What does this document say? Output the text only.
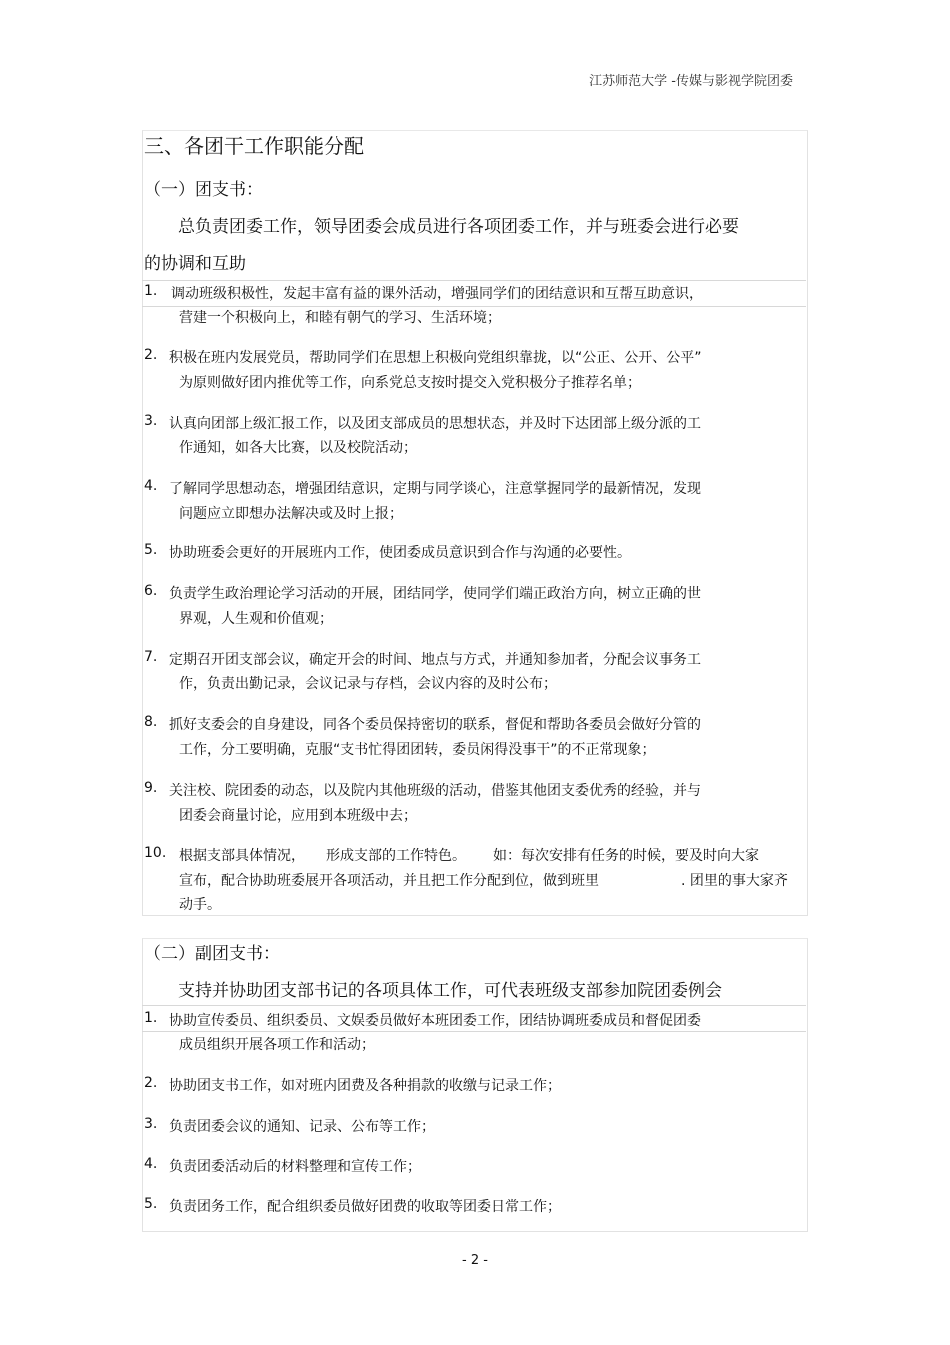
江苏师范大学 -传媒与影视学院团委
三、各团干工作职能分配
（一）团支书：
总负责团委工作，领导团委会成员进行各项团委工作，并与班委会进行必要
的协调和互助
1. 调动班级积极性，发起丰富有益的课外活动，增强同学们的团结意识和互帮互助意识，
营建一个积极向上，和睦有朝气的学习、生活环境；
2. 积极在班内发展党员，帮助同学们在思想上积极向党组织靠拢，以“公正、公开、公平”
为原则做好团内推优等工作，向系党总支按时提交入党积极分子推荐名单；
3. 认真向团部上级汇报工作，以及团支部成员的思想状态，并及时下达团部上级分派的工
作通知，如各大比赛，以及校院活动；
4. 了解同学思想动态，增强团结意识，定期与同学谈心，注意掌握同学的最新情况，发现
问题应立即想办法解决或及时上报；
5. 协助班委会更好的开展班内工作，使团委成员意识到合作与沟通的必要性。
6. 负责学生政治理论学习活动的开展，团结同学，使同学们端正政治方向，树立正确的世
界观，人生观和价值观；
7. 定期召开团支部会议，确定开会的时间、地点与方式，并通知参加者，分配会议事务工
作，负责出勤记录，会议记录与存档，会议内容的及时公布；
8. 抓好支委会的自身建设，同各个委员保持密切的联系，督促和帮助各委员会做好分管的
工作，分工要明确，克服“支书忙得团团转，委员闲得没事干”的不正常现象；
9. 关注校、院团委的动态，以及院内其他班级的活动，借鉴其他团支委优秀的经验，并与
团委会商量讨论，应用到本班级中去；
10. 根据支部具体情况， 形成支部的工作特色。 如：每次安排有任务的时候，要及时向大家
宣布，配合协助班委展开各项活动，并且把工作分配到位，做到班里	. 团里的事大家齐
动手。
（二）副团支书：
支持并协助团支部书记的各项具体工作，可代表班级支部参加院团委例会
1. 协助宣传委员、组织委员、文娱委员做好本班团委工作，团结协调班委成员和督促团委
成员组织开展各项工作和活动；
2. 协助团支书工作，如对班内团费及各种捐款的收缴与记录工作；
3. 负责团委会议的通知、记录、公布等工作；
4. 负责团委活动后的材料整理和宣传工作；
5. 负责团务工作，配合组织委员做好团费的收取等团委日常工作；
- 2 -
